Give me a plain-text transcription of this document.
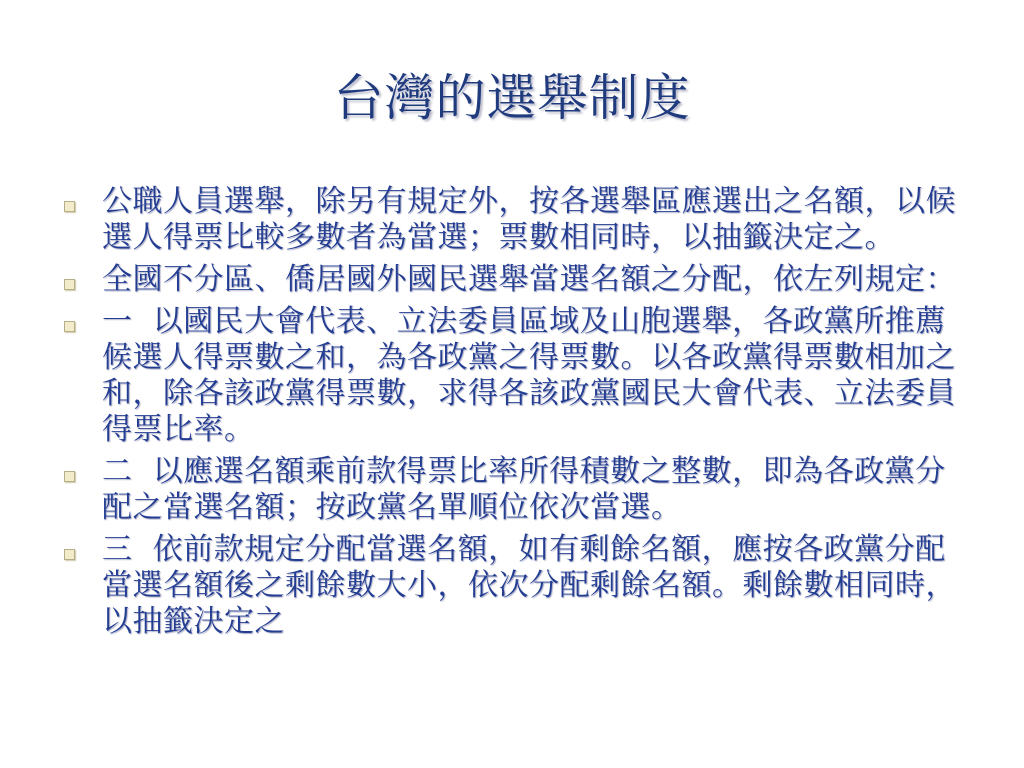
台灣的選舉制度
公職人員選舉，除另有規定外，按各選舉區應選出之名額，以候選人得票比較多數者為當選；票數相同時，以抽籤決定之。
全國不分區、僑居國外國民選舉當選名額之分配，依左列規定：
一  以國民大會代表、立法委員區域及山胞選舉，各政黨所推薦候選人得票數之和，為各政黨之得票數。以各政黨得票數相加之和，除各該政黨得票數，求得各該政黨國民大會代表、立法委員得票比率。
二  以應選名額乘前款得票比率所得積數之整數，即為各政黨分配之當選名額；按政黨名單順位依次當選。
三  依前款規定分配當選名額，如有剩餘名額，應按各政黨分配當選名額後之剩餘數大小，依次分配剩餘名額。剩餘數相同時，以抽籤決定之
